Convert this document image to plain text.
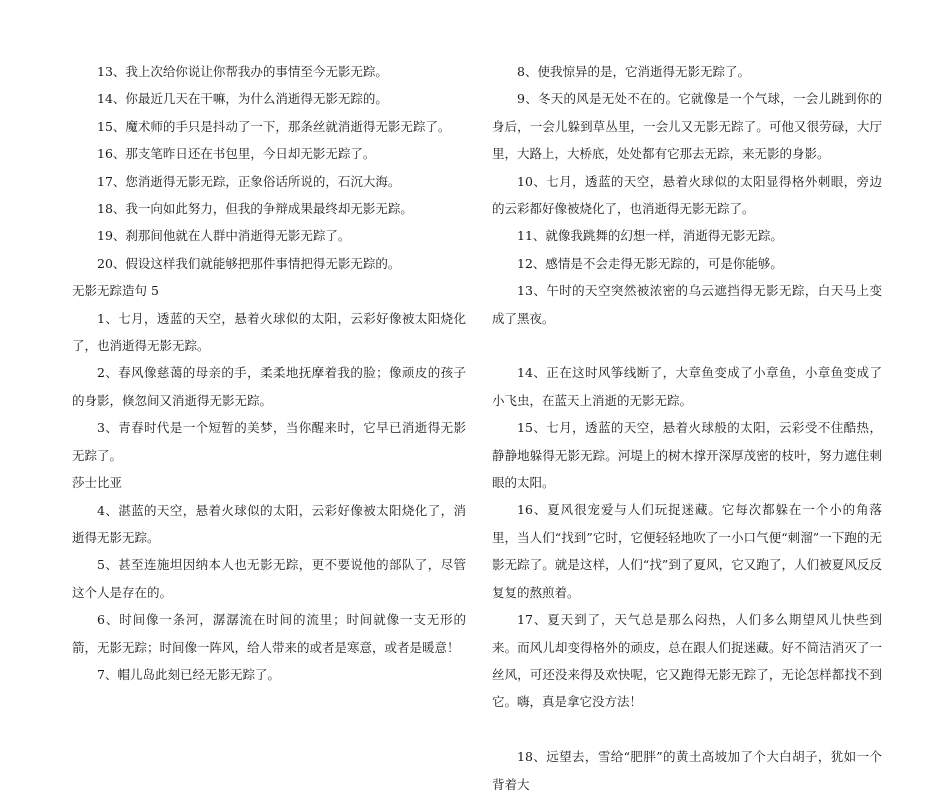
13、我上次给你说让你帮我办的事情至今无影无踪。

14、你最近几天在干嘛，为什么消逝得无影无踪的。

15、魔术师的手只是抖动了一下，那条丝就消逝得无影无踪了。

16、那支笔昨日还在书包里，今日却无影无踪了。

17、您消逝得无影无踪，正象俗话所说的，石沉大海。

18、我一向如此努力，但我的争辩成果最终却无影无踪。

19、刹那间他就在人群中消逝得无影无踪了。

20、假设这样我们就能够把那件事情把得无影无踪的。

无影无踪造句 5

1、七月，透蓝的天空，悬着火球似的太阳，云彩好像被太阳烧化了，也消逝得无影无踪。

2、春风像慈蔼的母亲的手，柔柔地抚摩着我的脸；像顽皮的孩子的身影，倏忽间又消逝得无影无踪。

3、青春时代是一个短暂的美梦，当你醒来时，它早已消逝得无影无踪了。

莎士比亚

4、湛蓝的天空，悬着火球似的太阳，云彩好像被太阳烧化了，消逝得无影无踪。

5、甚至连施坦因纳本人也无影无踪，更不要说他的部队了，尽管这个人是存在的。

6、时间像一条河，潺潺流在时间的流里；时间就像一支无形的箭，无影无踪；时间像一阵风，给人带来的或者是寒意，或者是暖意！

7、帽儿岛此刻已经无影无踪了。

8、使我惊异的是，它消逝得无影无踪了。

9、冬天的风是无处不在的。它就像是一个气球，一会儿跳到你的身后，一会儿躲到草丛里，一会儿又无影无踪了。可他又很劳碌，大厅里，大路上，大桥底，处处都有它那去无踪，来无影的身影。

10、七月，透蓝的天空，悬着火球似的太阳显得格外刺眼，旁边的云彩都好像被烧化了，也消逝得无影无踪了。

11、就像我跳舞的幻想一样，消逝得无影无踪。

12、感情是不会走得无影无踪的，可是你能够。

13、午时的天空突然被浓密的乌云遮挡得无影无踪，白天马上变成了黑夜。

14、正在这时风筝线断了，大章鱼变成了小章鱼，小章鱼变成了小飞虫，在蓝天上消逝的无影无踪。

15、七月，透蓝的天空，悬着火球般的太阳，云彩受不住酷热，静静地躲得无影无踪。河堤上的树木撑开深厚茂密的枝叶，努力遮住刺眼的太阳。

16、夏风很宠爱与人们玩捉迷藏。它每次都躲在一个小的角落里，当人们“找到”它时，它便轻轻地吹了一小口气便“刺溜”一下跑的无影无踪了。就是这样，人们“找”到了夏风，它又跑了，人们被夏风反反复复的熬煎着。

17、夏天到了，天气总是那么闷热，人们多么期望风儿快些到来。而风儿却变得格外的顽皮，总在跟人们捉迷藏。好不简洁消灭了一丝风，可还没来得及欢快呢，它又跑得无影无踪了，无论怎样都找不到它。嗨，真是拿它没方法！

18、远望去，雪给“肥胖”的黄土高坡加了个大白胡子，犹如一个背着大
